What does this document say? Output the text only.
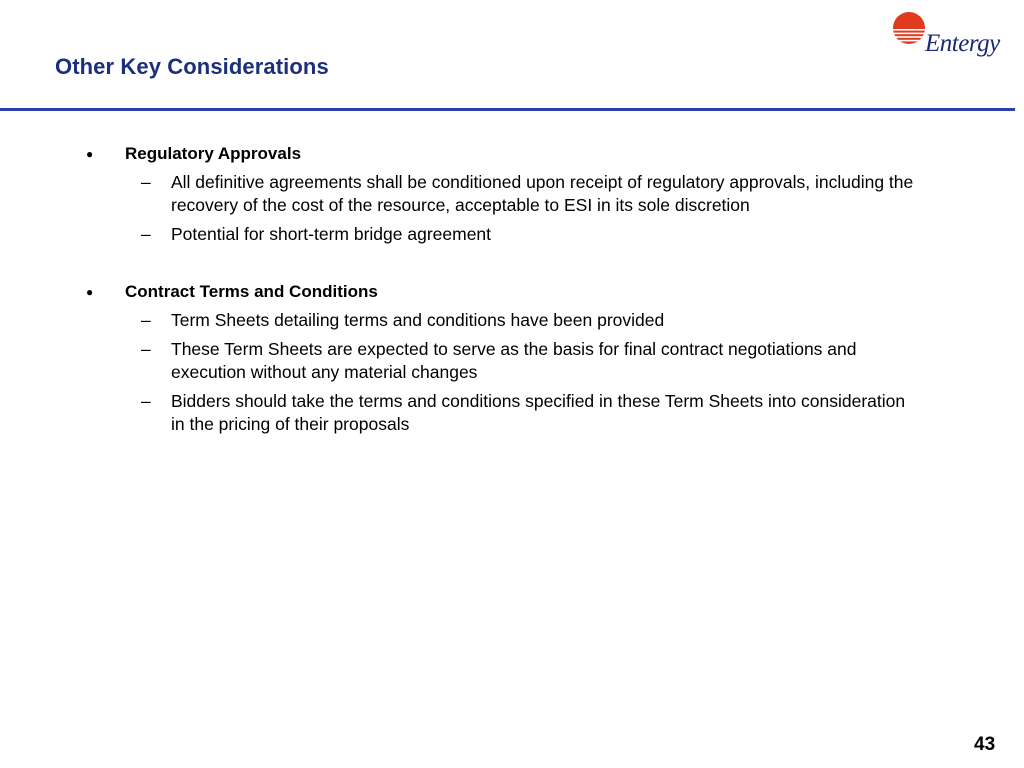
Other Key Considerations
Entergy
●	Regulatory Approvals
–	All definitive agreements shall be conditioned upon receipt of regulatory approvals, including the recovery of the cost of the resource, acceptable to ESI in its sole discretion
–	Potential for short-term bridge agreement
●	Contract Terms and Conditions
–	Term Sheets detailing terms and conditions have been provided
–	These Term Sheets are expected to serve as the basis for final contract negotiations and execution without any material changes
–	Bidders should take the terms and conditions specified in these Term Sheets into consideration in the pricing of their proposals
43
